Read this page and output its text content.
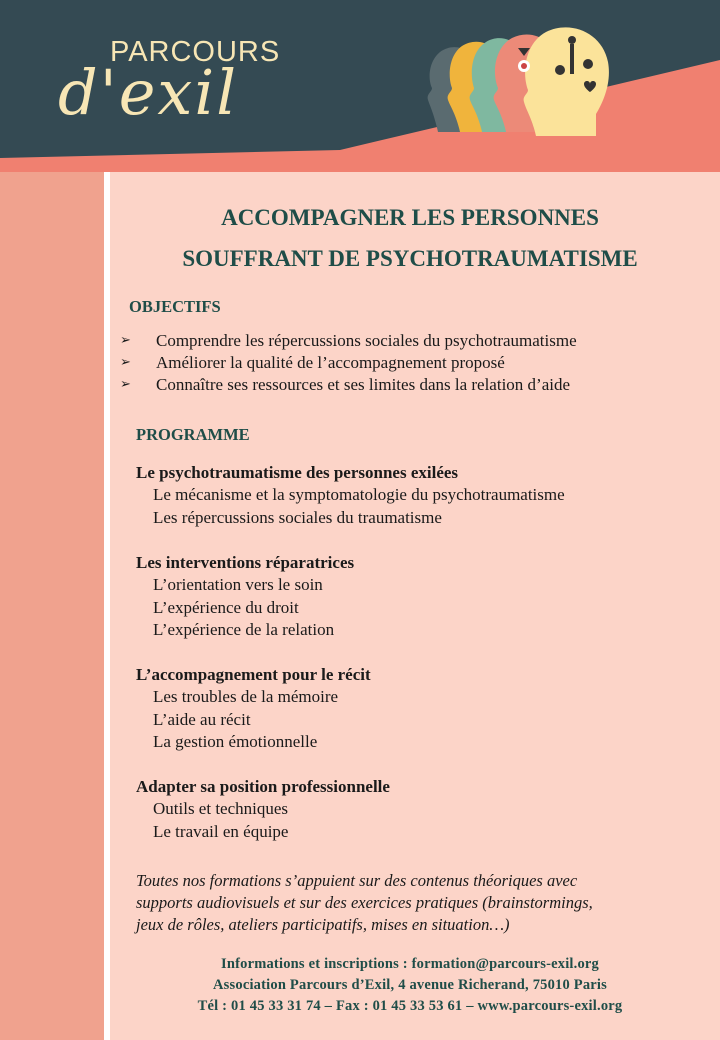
PARCOURS
d'exil
ACCOMPAGNER LES PERSONNES
SOUFFRANT DE PSYCHOTRAUMATISME
OBJECTIFS
➢ Comprendre les répercussions sociales du psychotraumatisme
➢ Améliorer la qualité de l’accompagnement proposé
➢ Connaître ses ressources et ses limites dans la relation d’aide
PROGRAMME
Le psychotraumatisme des personnes exilées
Le mécanisme et la symptomatologie du psychotraumatisme
Les répercussions sociales du traumatisme
Les interventions réparatrices
L’orientation vers le soin
L’expérience du droit
L’expérience de la relation
L’accompagnement pour le récit
Les troubles de la mémoire
L’aide au récit
La gestion émotionnelle
Adapter sa position professionnelle
Outils et techniques
Le travail en équipe
Toutes nos formations s’appuient sur des contenus théoriques avec
supports audiovisuels et sur des exercices pratiques (brainstormings,
jeux de rôles, ateliers participatifs, mises en situation…)
Informations et inscriptions : formation@parcours-exil.org
Association Parcours d’Exil, 4 avenue Richerand, 75010 Paris
Tél : 01 45 33 31 74 – Fax : 01 45 33 53 61 – www.parcours-exil.org
